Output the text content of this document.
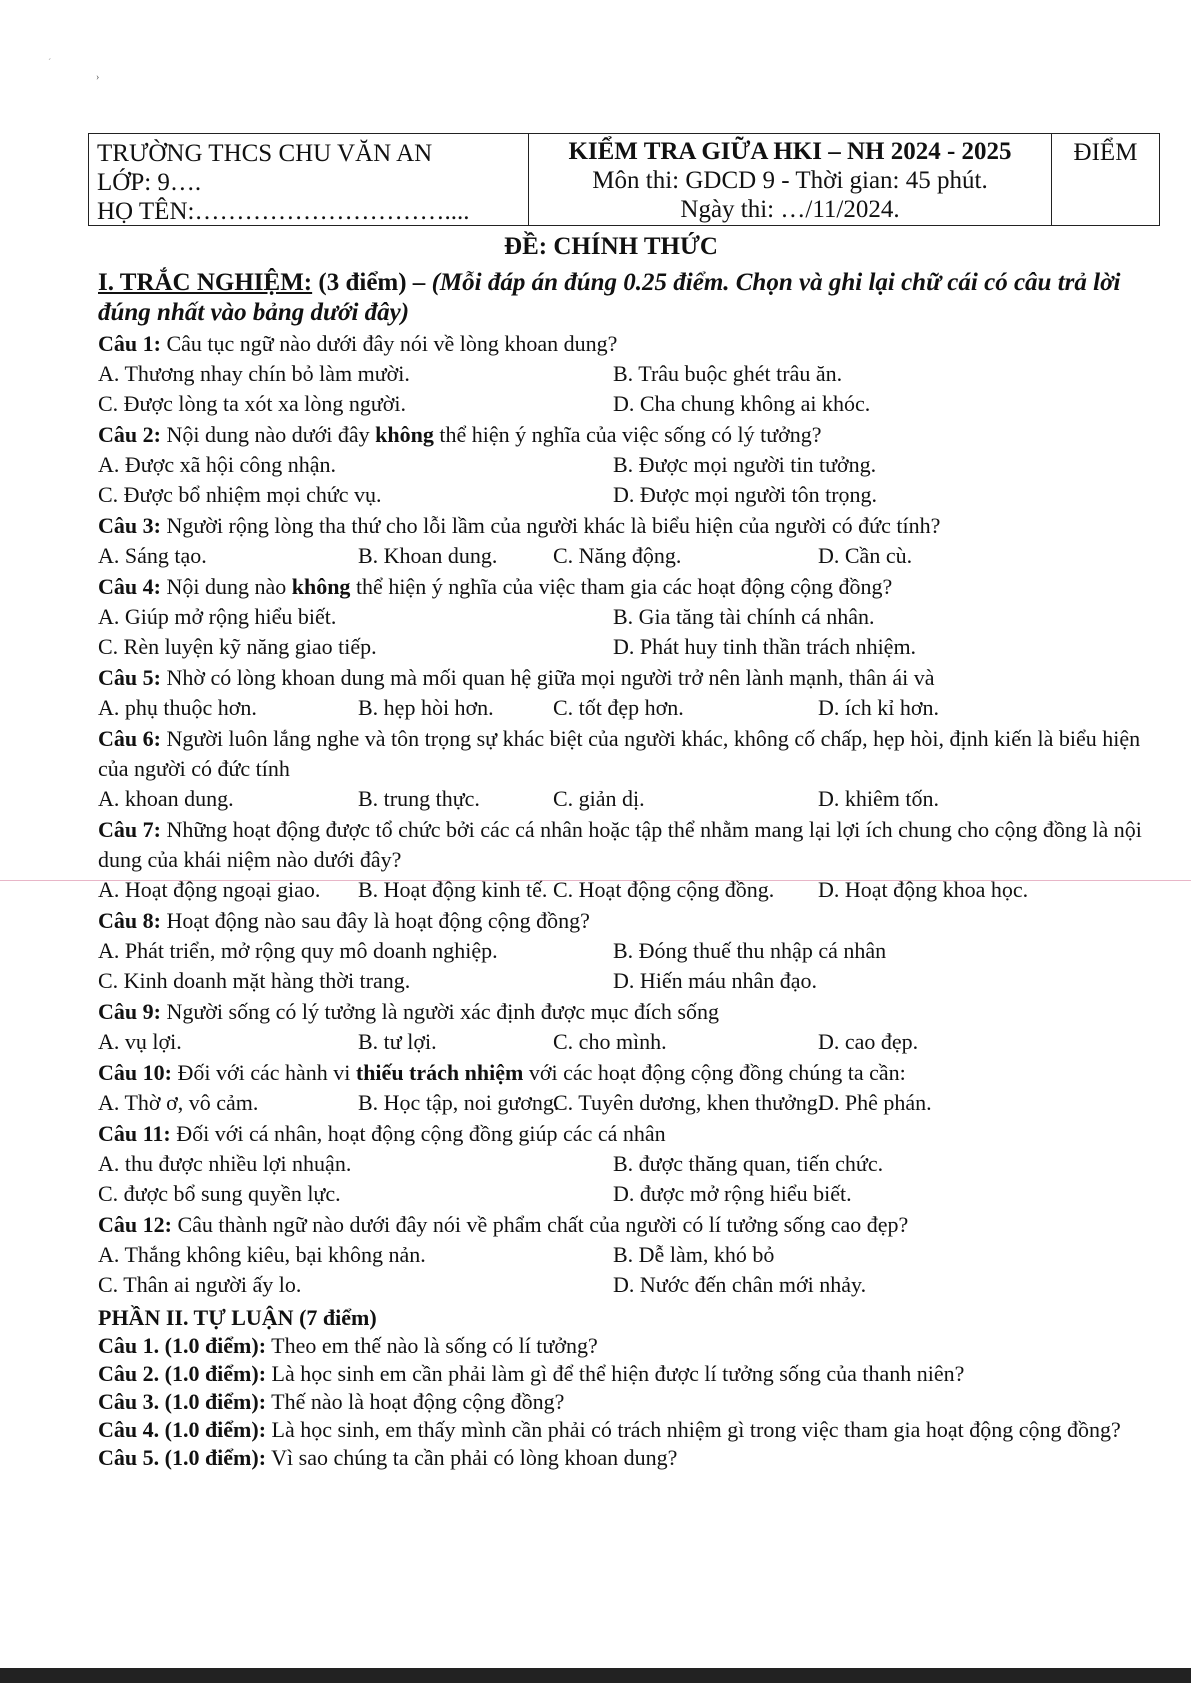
´
›
TRƯỜNG THCS CHU VĂN AN
LỚP: 9….
HỌ TÊN:…………………………....
KIỂM TRA GIỮA HKI – NH 2024 - 2025
Môn thi: GDCD 9 - Thời gian: 45 phút.
Ngày thi: …/11/2024.
ĐIỂM
ĐỀ: CHÍNH THỨC
I. TRẮC NGHIỆM: (3 điểm) – (Mỗi đáp án đúng 0.25 điểm. Chọn và ghi lại chữ cái có câu trả lời đúng nhất vào bảng dưới đây)
Câu 1: Câu tục ngữ nào dưới đây nói về lòng khoan dung?
A. Thương nhay chín bỏ làm mười.	B. Trâu buộc ghét trâu ăn.
C. Được lòng ta xót xa lòng người.	D. Cha chung không ai khóc.
Câu 2: Nội dung nào dưới đây không thể hiện ý nghĩa của việc sống có lý tưởng?
A. Được xã hội công nhận.	B. Được mọi người tin tưởng.
C. Được bổ nhiệm mọi chức vụ.	D. Được mọi người tôn trọng.
Câu 3: Người rộng lòng tha thứ cho lỗi lầm của người khác là biểu hiện của người có đức tính?
A. Sáng tạo.	B. Khoan dung.	C. Năng động.	D. Cần cù.
Câu 4: Nội dung nào không thể hiện ý nghĩa của việc tham gia các hoạt động cộng đồng?
A. Giúp mở rộng hiểu biết.	B. Gia tăng tài chính cá nhân.
C. Rèn luyện kỹ năng giao tiếp.	D. Phát huy tinh thần trách nhiệm.
Câu 5: Nhờ có lòng khoan dung mà mối quan hệ giữa mọi người trở nên lành mạnh, thân ái và
A. phụ thuộc hơn.	B. hẹp hòi hơn.	C. tốt đẹp hơn.	D. ích kỉ hơn.
Câu 6: Người luôn lắng nghe và tôn trọng sự khác biệt của người khác, không cố chấp, hẹp hòi, định kiến là biểu hiện của người có đức tính
A. khoan dung.	B. trung thực.	C. giản dị.	D. khiêm tốn.
Câu 7: Những hoạt động được tổ chức bởi các cá nhân hoặc tập thể nhằm mang lại lợi ích chung cho cộng đồng là nội dung của khái niệm nào dưới đây?
A. Hoạt động ngoại giao. B. Hoạt động kinh tế. C. Hoạt động cộng đồng. D. Hoạt động khoa học.
Câu 8: Hoạt động nào sau đây là hoạt động cộng đồng?
A. Phát triển, mở rộng quy mô doanh nghiệp.	B. Đóng thuế thu nhập cá nhân
C. Kinh doanh mặt hàng thời trang.	D. Hiến máu nhân đạo.
Câu 9: Người sống có lý tưởng là người xác định được mục đích sống
A. vụ lợi.	B. tư lợi.	C. cho mình.	D. cao đẹp.
Câu 10: Đối với các hành vi thiếu trách nhiệm với các hoạt động cộng đồng chúng ta cần:
A. Thờ ơ, vô cảm.	B. Học tập, noi gương.
C. Tuyên dương, khen thưởng.
D. Phê phán.
Câu 11: Đối với cá nhân, hoạt động cộng đồng giúp các cá nhân
A. thu được nhiều lợi nhuận.	B. được thăng quan, tiến chức.
C. được bổ sung quyền lực.	D. được mở rộng hiểu biết.
Câu 12: Câu thành ngữ nào dưới đây nói về phẩm chất của người có lí tưởng sống cao đẹp?
A. Thắng không kiêu, bại không nản.	B. Dễ làm, khó bỏ
C. Thân ai người ấy lo.	D. Nước đến chân mới nhảy.
PHẦN II. TỰ LUẬN (7 điểm)
Câu 1. (1.0 điểm): Theo em thế nào là sống có lí tưởng?
Câu 2. (1.0 điểm): Là học sinh em cần phải làm gì để thể hiện được lí tưởng sống của thanh niên?
Câu 3. (1.0 điểm): Thế nào là hoạt động cộng đồng?
Câu 4. (1.0 điểm): Là học sinh, em thấy mình cần phải có trách nhiệm gì trong việc tham gia hoạt động cộng đồng?
Câu 5. (1.0 điểm): Vì sao chúng ta cần phải có lòng khoan dung?
